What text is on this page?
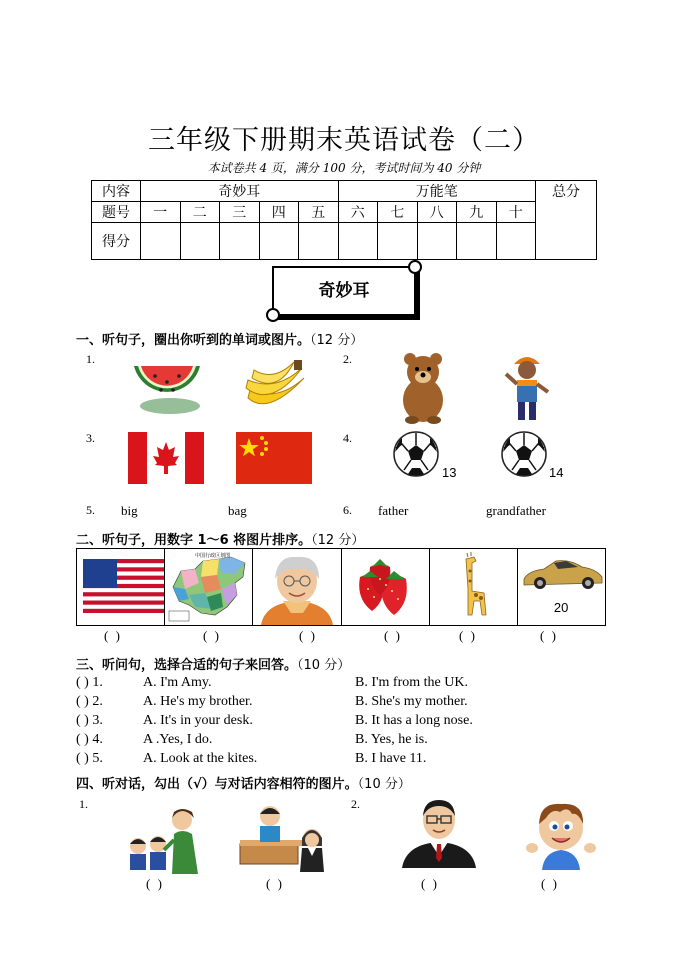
三年级下册期末英语试卷（二）
本试卷共 4 页，满分 100 分，考试时间为 40 分钟
内容	奇妙耳					万能笔					总分
题号	一	二	三	四	五	六	七	八	九	十	
得分											
奇妙耳
一、听句子，圈出你听到的单词或图片。（12 分）
1.	2.
3.	4.
13	14
5. big	bag	6. father	grandfather
二、听句子，用数字 1～6 将图片排序。（12 分）
中国行政区划图
20
( )	( )	( )	( )	( )	( )
三、听问句，选择合适的句子来回答。（10 分）
( ) 1.	A. I'm Amy.	B. I'm from the UK.
( ) 2.	A. He's my brother.	B. She's my mother.
( ) 3.	A. It's in your desk.	B. It has a long nose.
( ) 4.	A .Yes, I do.	B. Yes, he is.
( ) 5.	A. Look at the kites.	B. I have 11.
四、听对话，勾出（√）与对话内容相符的图片。（10 分）
1.
( )	( )
2.
( )	( )
